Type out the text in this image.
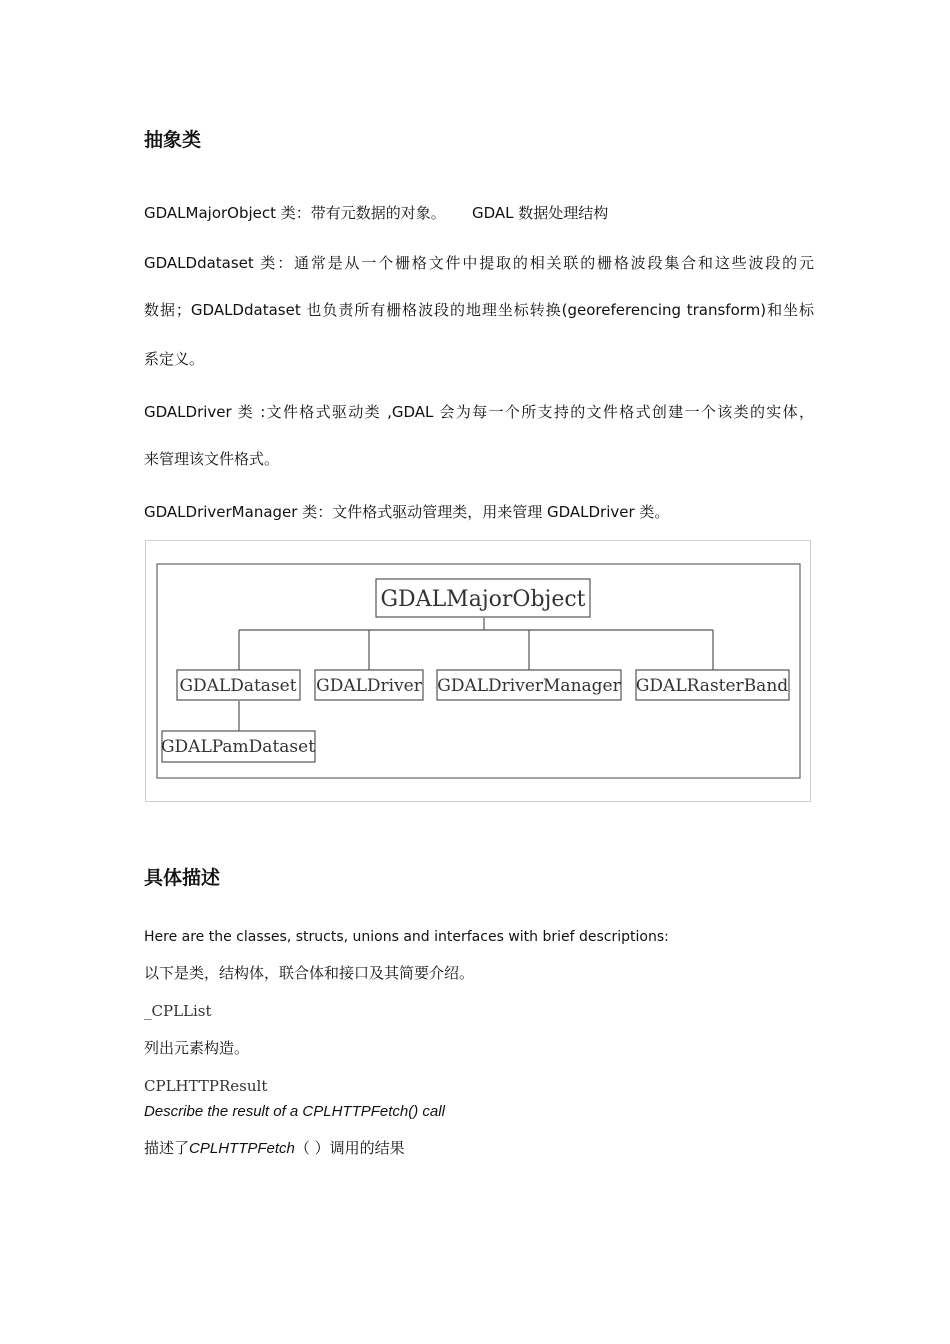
抽象类
GDALMajorObject 类：带有元数据的对象。 GDAL 数据处理结构
GDALDdataset 类：通常是从一个栅格文件中提取的相关联的栅格波段集合和这些波段的元
数据；GDALDdataset 也负责所有栅格波段的地理坐标转换(georeferencing transform)和坐标
系定义。
GDALDriver 类 :文件格式驱动类 ,GDAL 会为每一个所支持的文件格式创建一个该类的实体，
来管理该文件格式。
GDALDriverManager 类：文件格式驱动管理类，用来管理 GDALDriver 类。
GDALMajorObject
GDALDataset GDALDriver GDALDriverManager GDALRasterBand
GDALPamDataset
具体描述
Here are the classes, structs, unions and interfaces with brief descriptions:
以下是类，结构体，联合体和接口及其简要介绍。
_CPLList
列出元素构造。
CPLHTTPResult
Describe the result of a CPLHTTPFetch() call
描述了CPLHTTPFetch（ ）调用的结果
